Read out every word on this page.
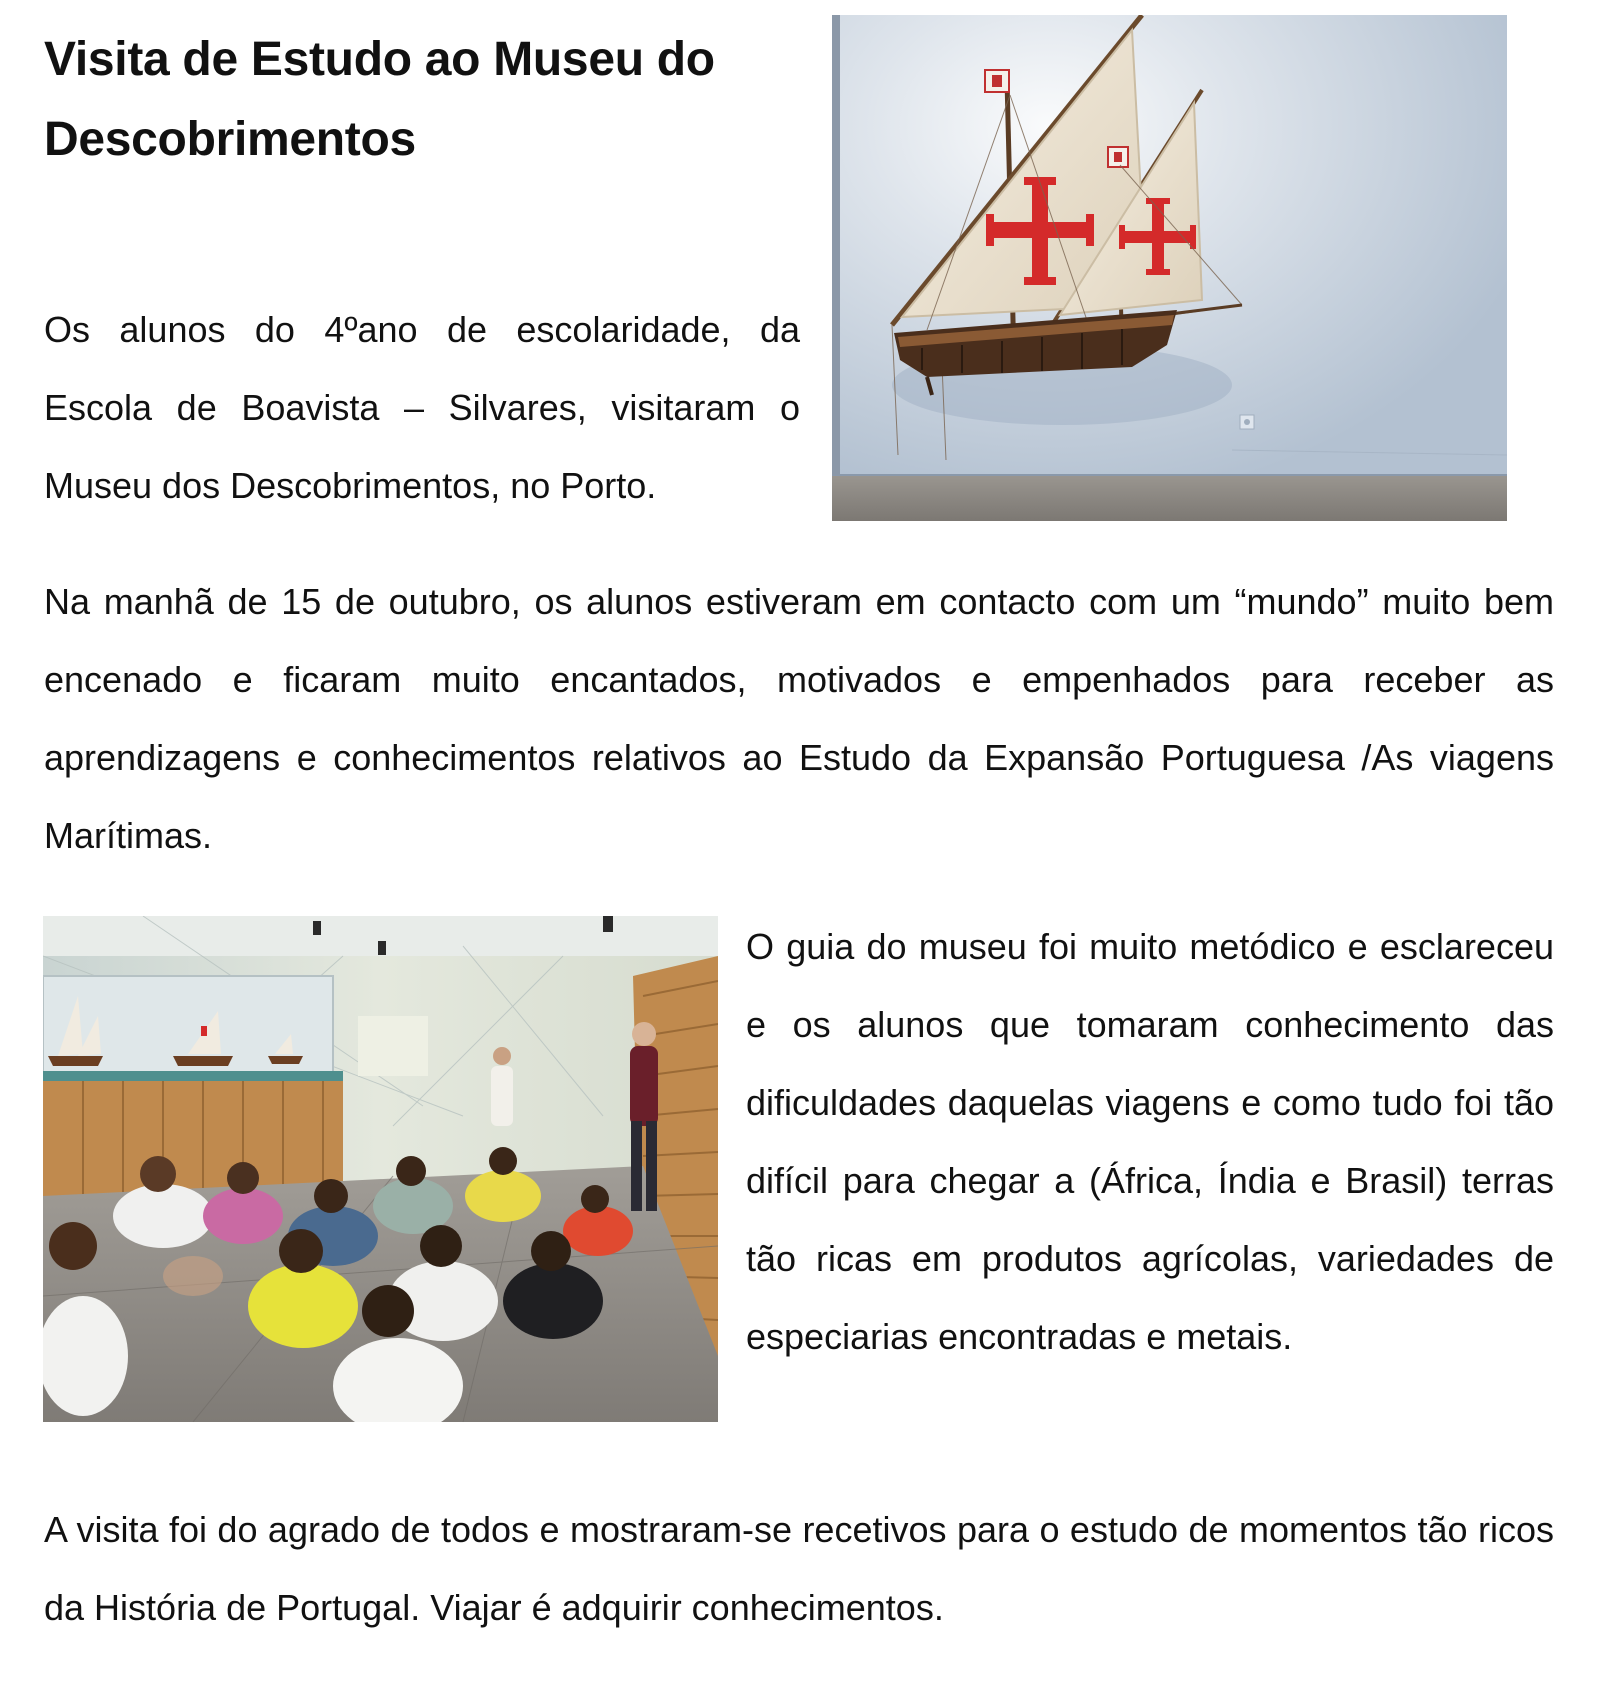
Visita de Estudo ao Museu do Descobrimentos

Os alunos do 4ºano de escolaridade, da Escola de Boavista – Silvares, visitaram o Museu dos Descobrimentos, no Porto.

Na manhã de 15 de outubro, os alunos estiveram em contacto com um “mundo” muito bem encenado e ficaram muito encantados, motivados e empenhados para receber as aprendizagens e conhecimentos relativos ao Estudo da Expansão Portuguesa /As viagens Marítimas.

O guia do museu foi muito metódico e esclareceu e os alunos que tomaram conhecimento das dificuldades daquelas viagens e como tudo foi tão difícil para chegar a (África, Índia e Brasil) terras tão ricas em produtos agrícolas, variedades de especiarias encontradas e metais.

A visita foi do agrado de todos e mostraram-se recetivos para o estudo de momentos tão ricos da História de Portugal. Viajar é adquirir conhecimentos.
